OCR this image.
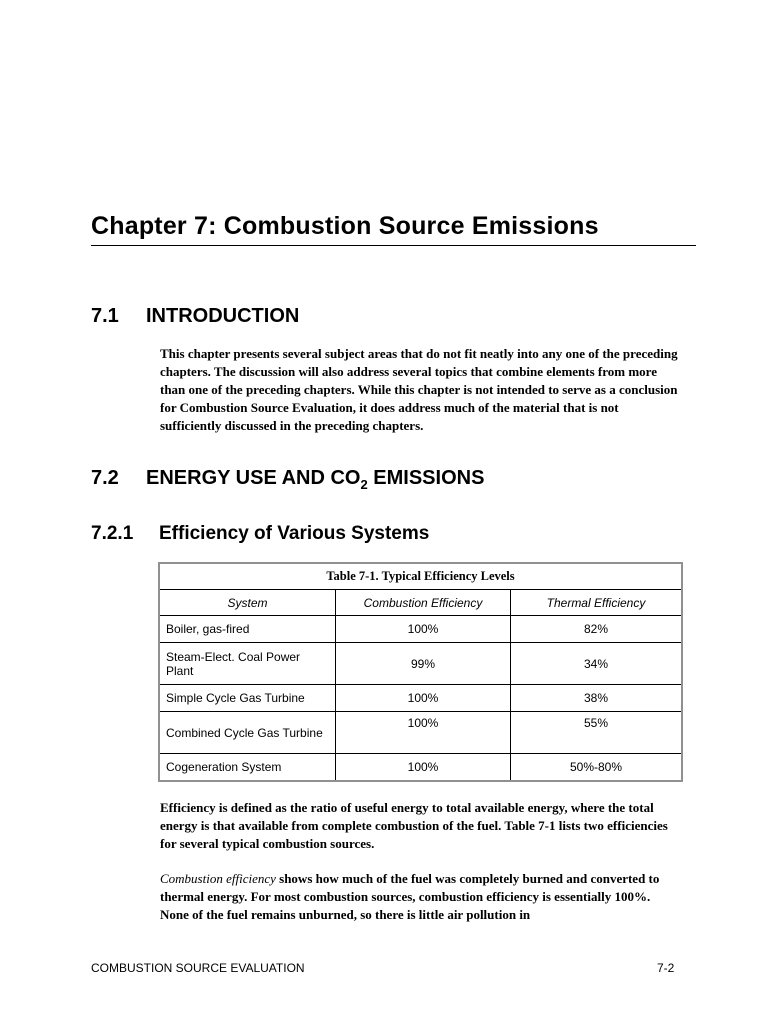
Chapter 7: Combustion Source Emissions
7.1 INTRODUCTION

This chapter presents several subject areas that do not fit neatly into any one of the preceding chapters. The discussion will also address several topics that combine elements from more than one of the preceding chapters. While this chapter is not intended to serve as a conclusion for Combustion Source Evaluation, it does address much of the material that is not sufficiently discussed in the preceding chapters.

7.2 ENERGY USE AND $CO_2$ EMISSIONS
7.2.1 Efficiency of Various Systems
Table 7-1. Typical Efficiency Levels		
System	Combustion Efficiency	Thermal Efficiency
Boiler, gas-fired	100%	82%
Steam-Elect. Coal Power Plant	99%	34%
Simple Cycle Gas Turbine	100%	38%
Combined Cycle Gas Turbine	100%	55%
Cogeneration System	100%	50%-80%

Efficiency is defined as the ratio of useful energy to total available energy, where the total energy is that available from complete combustion of the fuel. Table 7-1 lists two efficiencies for several typical combustion sources.

Combustion efficiency shows how much of the fuel was completely burned and converted to thermal energy. For most combustion sources, combustion efficiency is essentially 100%. None of the fuel remains unburned, so there is little air pollution in

COMBUSTION SOURCE EVALUATION	7-2
